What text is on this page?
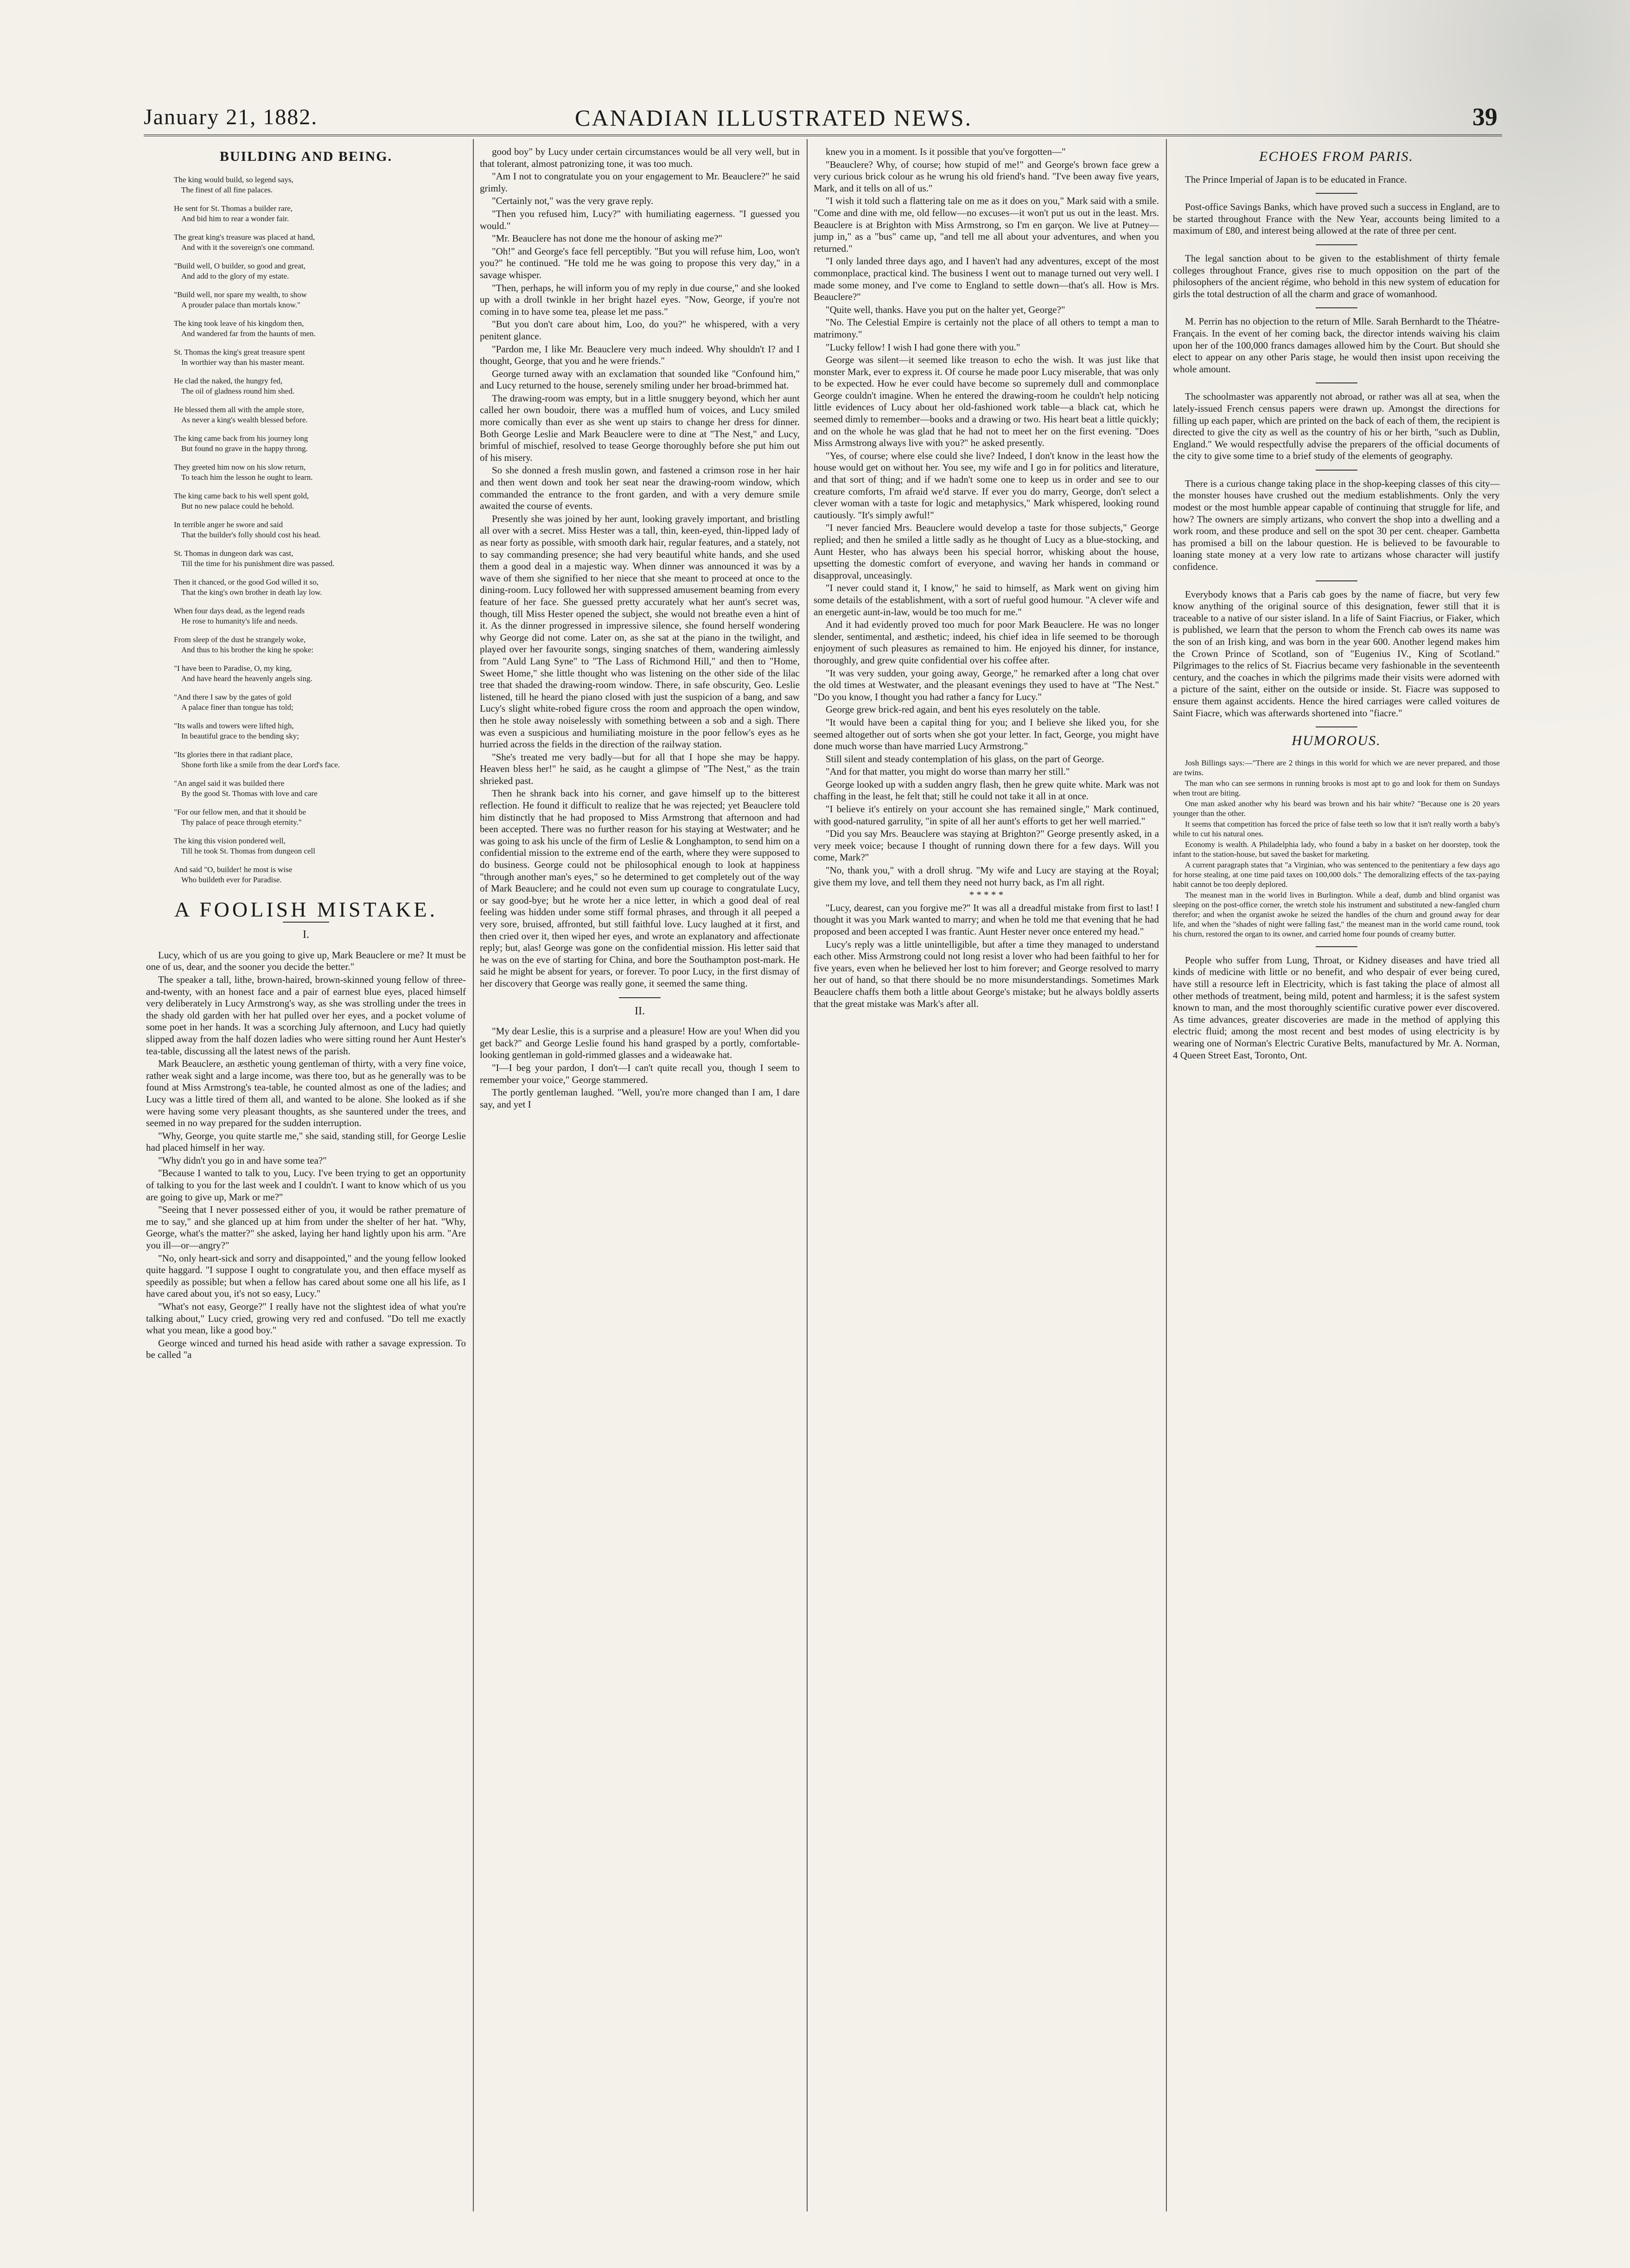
January 21, 1882.	CANADIAN ILLUSTRATED NEWS.	39
BUILDING AND BEING.
The king would build, so legend says,
The finest of all fine palaces.
He sent for St. Thomas a builder rare,
And bid him to rear a wonder fair.
The great king's treasure was placed at hand,
And with it the sovereign's one command.
"Build well, O builder, so good and great,
And add to the glory of my estate.
"Build well, nor spare my wealth, to show
A prouder palace than mortals know."
The king took leave of his kingdom then,
And wandered far from the haunts of men.
St. Thomas the king's great treasure spent
In worthier way than his master meant.
He clad the naked, the hungry fed,
The oil of gladness round him shed.
He blessed them all with the ample store,
As never a king's wealth blessed before.
The king came back from his journey long
But found no grave in the happy throng.
They greeted him now on his slow return,
To teach him the lesson he ought to learn.
The king came back to his well spent gold,
But no new palace could he behold.
In terrible anger he swore and said
That the builder's folly should cost his head.
St. Thomas in dungeon dark was cast,
Till the time for his punishment dire was passed.
Then it chanced, or the good God willed it so,
That the king's own brother in death lay low.
When four days dead, as the legend reads
He rose to humanity's life and needs.
From sleep of the dust he strangely woke,
And thus to his brother the king he spoke:
"I have been to Paradise, O, my king,
And have heard the heavenly angels sing.
"And there I saw by the gates of gold
A palace finer than tongue has told;
"Its walls and towers were lifted high,
In beautiful grace to the bending sky;
"Its glories there in that radiant place,
Shone forth like a smile from the dear Lord's face.
"An angel said it was builded there
By the good St. Thomas with love and care
"For our fellow men, and that it should be
Thy palace of peace through eternity."
The king this vision pondered well,
Till he took St. Thomas from dungeon cell
And said "O, builder! he most is wise
Who buildeth ever for Paradise.
A FOOLISH MISTAKE.
I.

Lucy, which of us are you going to give up, Mark Beauclere or me? It must be one of us, dear, and the sooner you decide the better."

The speaker a tall, lithe, brown-haired, brown-skinned young fellow of three-and-twenty, with an honest face and a pair of earnest blue eyes, placed himself very deliberately in Lucy Armstrong's way, as she was strolling under the trees in the shady old garden with her hat pulled over her eyes, and a pocket volume of some poet in her hands. It was a scorching July afternoon, and Lucy had quietly slipped away from the half dozen ladies who were sitting round her Aunt Hester's tea-table, discussing all the latest news of the parish.

Mark Beauclere, an æsthetic young gentleman of thirty, with a very fine voice, rather weak sight and a large income, was there too, but as he generally was to be found at Miss Armstrong's tea-table, he counted almost as one of the ladies; and Lucy was a little tired of them all, and wanted to be alone. She looked as if she were having some very pleasant thoughts, as she sauntered under the trees, and seemed in no way prepared for the sudden interruption.

"Why, George, you quite startle me," she said, standing still, for George Leslie had placed himself in her way.

"Why didn't you go in and have some tea?"

"Because I wanted to talk to you, Lucy. I've been trying to get an opportunity of talking to you for the last week and I couldn't. I want to know which of us you are going to give up, Mark or me?"

"Seeing that I never possessed either of you, it would be rather premature of me to say," and she glanced up at him from under the shelter of her hat. "Why, George, what's the matter?" she asked, laying her hand lightly upon his arm. "Are you ill—or—angry?"

"No, only heart-sick and sorry and disappointed," and the young fellow looked quite haggard. "I suppose I ought to congratulate you, and then efface myself as speedily as possible; but when a fellow has cared about some one all his life, as I have cared about you, it's not so easy, Lucy."

"What's not easy, George?" I really have not the slightest idea of what you're talking about," Lucy cried, growing very red and confused. "Do tell me exactly what you mean, like a good boy."

George winced and turned his head aside with rather a savage expression. To be called "a

good boy" by Lucy under certain circumstances would be all very well, but in that tolerant, almost patronizing tone, it was too much.

"Am I not to congratulate you on your engagement to Mr. Beauclere?" he said grimly.

"Certainly not," was the very grave reply.

"Then you refused him, Lucy?" with humiliating eagerness. "I guessed you would."

"Mr. Beauclere has not done me the honour of asking me?"

"Oh!" and George's face fell perceptibly. "But you will refuse him, Loo, won't you?" he continued. "He told me he was going to propose this very day," in a savage whisper.

"Then, perhaps, he will inform you of my reply in due course," and she looked up with a droll twinkle in her bright hazel eyes. "Now, George, if you're not coming in to have some tea, please let me pass."

"But you don't care about him, Loo, do you?" he whispered, with a very penitent glance.

"Pardon me, I like Mr. Beauclere very much indeed. Why shouldn't I? and I thought, George, that you and he were friends."

George turned away with an exclamation that sounded like "Confound him," and Lucy returned to the house, serenely smiling under her broad-brimmed hat.

The drawing-room was empty, but in a little snuggery beyond, which her aunt called her own boudoir, there was a muffled hum of voices, and Lucy smiled more comically than ever as she went up stairs to change her dress for dinner. Both George Leslie and Mark Beauclere were to dine at "The Nest," and Lucy, brimful of mischief, resolved to tease George thoroughly before she put him out of his misery.

So she donned a fresh muslin gown, and fastened a crimson rose in her hair and then went down and took her seat near the drawing-room window, which commanded the entrance to the front garden, and with a very demure smile awaited the course of events.

Presently she was joined by her aunt, looking gravely important, and bristling all over with a secret. Miss Hester was a tall, thin, keen-eyed, thin-lipped lady of as near forty as possible, with smooth dark hair, regular features, and a stately, not to say commanding presence; she had very beautiful white hands, and she used them a good deal in a majestic way. When dinner was announced it was by a wave of them she signified to her niece that she meant to proceed at once to the dining-room. Lucy followed her with suppressed amusement beaming from every feature of her face. She guessed pretty accurately what her aunt's secret was, though, till Miss Hester opened the subject, she would not breathe even a hint of it. As the dinner progressed in impressive silence, she found herself wondering why George did not come. Later on, as she sat at the piano in the twilight, and played over her favourite songs, singing snatches of them, wandering aimlessly from "Auld Lang Syne" to "The Lass of Richmond Hill," and then to "Home, Sweet Home," she little thought who was listening on the other side of the lilac tree that shaded the drawing-room window. There, in safe obscurity, Geo. Leslie listened, till he heard the piano closed with just the suspicion of a bang, and saw Lucy's slight white-robed figure cross the room and approach the open window, then he stole away noiselessly with something between a sob and a sigh. There was even a suspicious and humiliating moisture in the poor fellow's eyes as he hurried across the fields in the direction of the railway station.

"She's treated me very badly—but for all that I hope she may be happy. Heaven bless her!" he said, as he caught a glimpse of "The Nest," as the train shrieked past.

Then he shrank back into his corner, and gave himself up to the bitterest reflection. He found it difficult to realize that he was rejected; yet Beauclere told him distinctly that he had proposed to Miss Armstrong that afternoon and had been accepted. There was no further reason for his staying at Westwater; and he was going to ask his uncle of the firm of Leslie & Longhampton, to send him on a confidential mission to the extreme end of the earth, where they were supposed to do business. George could not be philosophical enough to look at happiness "through another man's eyes," so he determined to get completely out of the way of Mark Beauclere; and he could not even sum up courage to congratulate Lucy, or say good-bye; but he wrote her a nice letter, in which a good deal of real feeling was hidden under some stiff formal phrases, and through it all peeped a very sore, bruised, affronted, but still faithful love. Lucy laughed at it first, and then cried over it, then wiped her eyes, and wrote an explanatory and affectionate reply; but, alas! George was gone on the confidential mission. His letter said that he was on the eve of starting for China, and bore the Southampton post-mark. He said he might be absent for years, or forever. To poor Lucy, in the first dismay of her discovery that George was really gone, it seemed the same thing.

II.

"My dear Leslie, this is a surprise and a pleasure! How are you! When did you get back?" and George Leslie found his hand grasped by a portly, comfortable-looking gentleman in gold-rimmed glasses and a wideawake hat.

"I—I beg your pardon, I don't—I can't quite recall you, though I seem to remember your voice," George stammered.

The portly gentleman laughed. "Well, you're more changed than I am, I dare say, and yet I

knew you in a moment. Is it possible that you've forgotten—"

"Beauclere? Why, of course; how stupid of me!" and George's brown face grew a very curious brick colour as he wrung his old friend's hand. "I've been away five years, Mark, and it tells on all of us."

"I wish it told such a flattering tale on me as it does on you," Mark said with a smile. "Come and dine with me, old fellow—no excuses—it won't put us out in the least. Mrs. Beauclere is at Brighton with Miss Armstrong, so I'm en garçon. We live at Putney—jump in," as a "bus" came up, "and tell me all about your adventures, and when you returned."

"I only landed three days ago, and I haven't had any adventures, except of the most commonplace, practical kind. The business I went out to manage turned out very well. I made some money, and I've come to England to settle down—that's all. How is Mrs. Beauclere?"

"Quite well, thanks. Have you put on the halter yet, George?"

"No. The Celestial Empire is certainly not the place of all others to tempt a man to matrimony."

"Lucky fellow! I wish I had gone there with you."

George was silent—it seemed like treason to echo the wish. It was just like that monster Mark, ever to express it. Of course he made poor Lucy miserable, that was only to be expected. How he ever could have become so supremely dull and commonplace George couldn't imagine. When he entered the drawing-room he couldn't help noticing little evidences of Lucy about her old-fashioned work table—a black cat, which he seemed dimly to remember—books and a drawing or two. His heart beat a little quickly; and on the whole he was glad that he had not to meet her on the first evening. "Does Miss Armstrong always live with you?" he asked presently.

"Yes, of course; where else could she live? Indeed, I don't know in the least how the house would get on without her. You see, my wife and I go in for politics and literature, and that sort of thing; and if we hadn't some one to keep us in order and see to our creature comforts, I'm afraid we'd starve. If ever you do marry, George, don't select a clever woman with a taste for logic and metaphysics," Mark whispered, looking round cautiously. "It's simply awful!"

"I never fancied Mrs. Beauclere would develop a taste for those subjects," George replied; and then he smiled a little sadly as he thought of Lucy as a blue-stocking, and Aunt Hester, who has always been his special horror, whisking about the house, upsetting the domestic comfort of everyone, and waving her hands in command or disapproval, unceasingly.

"I never could stand it, I know," he said to himself, as Mark went on giving him some details of the establishment, with a sort of rueful good humour. "A clever wife and an energetic aunt-in-law, would be too much for me."

And it had evidently proved too much for poor Mark Beauclere. He was no longer slender, sentimental, and æsthetic; indeed, his chief idea in life seemed to be thorough enjoyment of such pleasures as remained to him. He enjoyed his dinner, for instance, thoroughly, and grew quite confidential over his coffee after.

"It was very sudden, your going away, George," he remarked after a long chat over the old times at Westwater, and the pleasant evenings they used to have at "The Nest." "Do you know, I thought you had rather a fancy for Lucy."

George grew brick-red again, and bent his eyes resolutely on the table.

"It would have been a capital thing for you; and I believe she liked you, for she seemed altogether out of sorts when she got your letter. In fact, George, you might have done much worse than have married Lucy Armstrong."

Still silent and steady contemplation of his glass, on the part of George.

"And for that matter, you might do worse than marry her still."

George looked up with a sudden angry flash, then he grew quite white. Mark was not chaffing in the least, he felt that; still he could not take it all in at once.

"I believe it's entirely on your account she has remained single," Mark continued, with good-natured garrulity, "in spite of all her aunt's efforts to get her well married."

"Did you say Mrs. Beauclere was staying at Brighton?" George presently asked, in a very meek voice; because I thought of running down there for a few days. Will you come, Mark?"

"No, thank you," with a droll shrug. "My wife and Lucy are staying at the Royal; give them my love, and tell them they need not hurry back, as I'm all right.

* * * * *

"Lucy, dearest, can you forgive me?" It was all a dreadful mistake from first to last! I thought it was you Mark wanted to marry; and when he told me that evening that he had proposed and been accepted I was frantic. Aunt Hester never once entered my head."

Lucy's reply was a little unintelligible, but after a time they managed to understand each other. Miss Armstrong could not long resist a lover who had been faithful to her for five years, even when he believed her lost to him forever; and George resolved to marry her out of hand, so that there should be no more misunderstandings. Sometimes Mark Beauclere chaffs them both a little about George's mistake; but he always boldly asserts that the great mistake was Mark's after all.

ECHOES FROM PARIS.

The Prince Imperial of Japan is to be educated in France.

Post-office Savings Banks, which have proved such a success in England, are to be started throughout France with the New Year, accounts being limited to a maximum of £80, and interest being allowed at the rate of three per cent.

The legal sanction about to be given to the establishment of thirty female colleges throughout France, gives rise to much opposition on the part of the philosophers of the ancient régime, who behold in this new system of education for girls the total destruction of all the charm and grace of womanhood.

M. Perrin has no objection to the return of Mlle. Sarah Bernhardt to the Théatre-Français. In the event of her coming back, the director intends waiving his claim upon her of the 100,000 francs damages allowed him by the Court. But should she elect to appear on any other Paris stage, he would then insist upon receiving the whole amount.

The schoolmaster was apparently not abroad, or rather was all at sea, when the lately-issued French census papers were drawn up. Amongst the directions for filling up each paper, which are printed on the back of each of them, the recipient is directed to give the city as well as the country of his or her birth, "such as Dublin, England." We would respectfully advise the preparers of the official documents of the city to give some time to a brief study of the elements of geography.

There is a curious change taking place in the shop-keeping classes of this city—the monster houses have crushed out the medium establishments. Only the very modest or the most humble appear capable of continuing that struggle for life, and how? The owners are simply artizans, who convert the shop into a dwelling and a work room, and these produce and sell on the spot 30 per cent. cheaper. Gambetta has promised a bill on the labour question. He is believed to be favourable to loaning state money at a very low rate to artizans whose character will justify confidence.

Everybody knows that a Paris cab goes by the name of fiacre, but very few know anything of the original source of this designation, fewer still that it is traceable to a native of our sister island. In a life of Saint Fiacrius, or Fiaker, which is published, we learn that the person to whom the French cab owes its name was the son of an Irish king, and was born in the year 600. Another legend makes him the Crown Prince of Scotland, son of "Eugenius IV., King of Scotland." Pilgrimages to the relics of St. Fiacrius became very fashionable in the seventeenth century, and the coaches in which the pilgrims made their visits were adorned with a picture of the saint, either on the outside or inside. St. Fiacre was supposed to ensure them against accidents. Hence the hired carriages were called voitures de Saint Fiacre, which was afterwards shortened into "fiacre."

HUMOROUS.

Josh Billings says:—"There are 2 things in this world for which we are never prepared, and those are twins.

The man who can see sermons in running brooks is most apt to go and look for them on Sundays when trout are biting.

One man asked another why his beard was brown and his hair white? "Because one is 20 years younger than the other.

It seems that competition has forced the price of false teeth so low that it isn't really worth a baby's while to cut his natural ones.

Economy is wealth. A Philadelphia lady, who found a baby in a basket on her doorstep, took the infant to the station-house, but saved the basket for marketing.

A current paragraph states that "a Virginian, who was sentenced to the penitentiary a few days ago for horse stealing, at one time paid taxes on 100,000 dols." The demoralizing effects of the tax-paying habit cannot be too deeply deplored.

The meanest man in the world lives in Burlington. While a deaf, dumb and blind organist was sleeping on the post-office corner, the wretch stole his instrument and substituted a new-fangled churn therefor; and when the organist awoke he seized the handles of the churn and ground away for dear life, and when the "shades of night were falling fast," the meanest man in the world came round, took his churn, restored the organ to its owner, and carried home four pounds of creamy butter.

People who suffer from Lung, Throat, or Kidney diseases and have tried all kinds of medicine with little or no benefit, and who despair of ever being cured, have still a resource left in Electricity, which is fast taking the place of almost all other methods of treatment, being mild, potent and harmless; it is the safest system known to man, and the most thoroughly scientific curative power ever discovered. As time advances, greater discoveries are made in the method of applying this electric fluid; among the most recent and best modes of using electricity is by wearing one of Norman's Electric Curative Belts, manufactured by Mr. A. Norman, 4 Queen Street East, Toronto, Ont.
